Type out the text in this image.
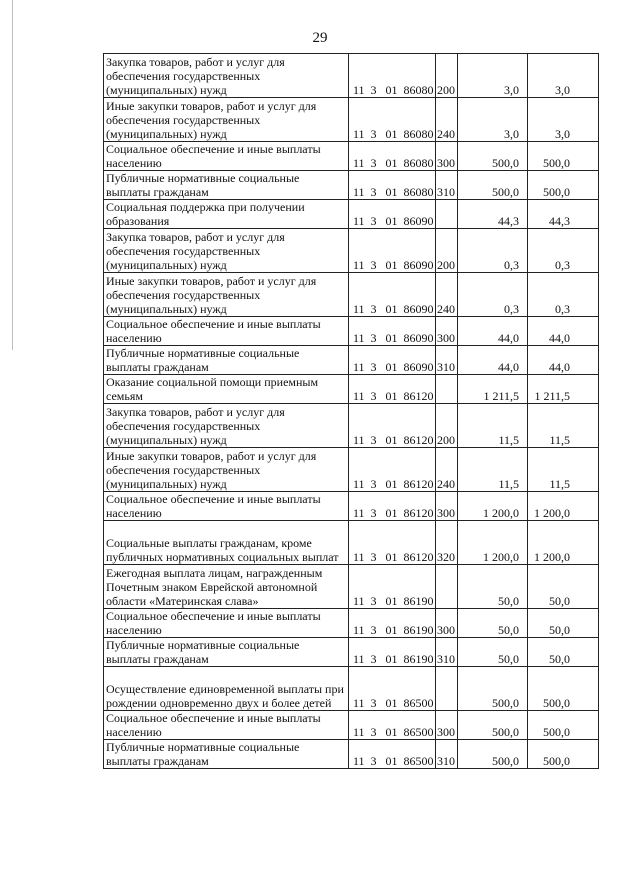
29
Закупка товаров, работ и услуг для обеспечения государственных (муниципальных) нужд	11  3   01  86080	200	3,0	3,0
Иные закупки товаров, работ и услуг для обеспечения государственных (муниципальных) нужд	11  3   01  86080	240	3,0	3,0
Социальное обеспечение и иные выплаты населению	11  3   01  86080	300	500,0	500,0
Публичные нормативные социальные выплаты гражданам	11  3   01  86080	310	500,0	500,0
Социальная поддержка при получении образования	11  3   01  86090		44,3	44,3
Закупка товаров, работ и услуг для обеспечения государственных (муниципальных) нужд	11  3   01  86090	200	0,3	0,3
Иные закупки товаров, работ и услуг для обеспечения государственных (муниципальных) нужд	11  3   01  86090	240	0,3	0,3
Социальное обеспечение и иные выплаты населению	11  3   01  86090	300	44,0	44,0
Публичные нормативные социальные выплаты гражданам	11  3   01  86090	310	44,0	44,0
Оказание социальной помощи приемным семьям	11  3   01  86120		1 211,5	1 211,5
Закупка товаров, работ и услуг для обеспечения государственных (муниципальных) нужд	11  3   01  86120	200	11,5	11,5
Иные закупки товаров, работ и услуг для обеспечения государственных (муниципальных) нужд	11  3   01  86120	240	11,5	11,5
Социальное обеспечение и иные выплаты населению	11  3   01  86120	300	1 200,0	1 200,0
Социальные выплаты гражданам, кроме публичных нормативных социальных выплат	11  3   01  86120	320	1 200,0	1 200,0
Ежегодная выплата лицам, награжденным Почетным знаком Еврейской автономной области «Материнская слава»	11  3   01  86190		50,0	50,0
Социальное обеспечение и иные выплаты населению	11  3   01  86190	300	50,0	50,0
Публичные нормативные социальные выплаты гражданам	11  3   01  86190	310	50,0	50,0
Осуществление единовременной выплаты при рождении одновременно двух и более детей	11  3   01  86500		500,0	500,0
Социальное обеспечение и иные выплаты населению	11  3   01  86500	300	500,0	500,0
Публичные нормативные социальные выплаты гражданам	11  3   01  86500	310	500,0	500,0
